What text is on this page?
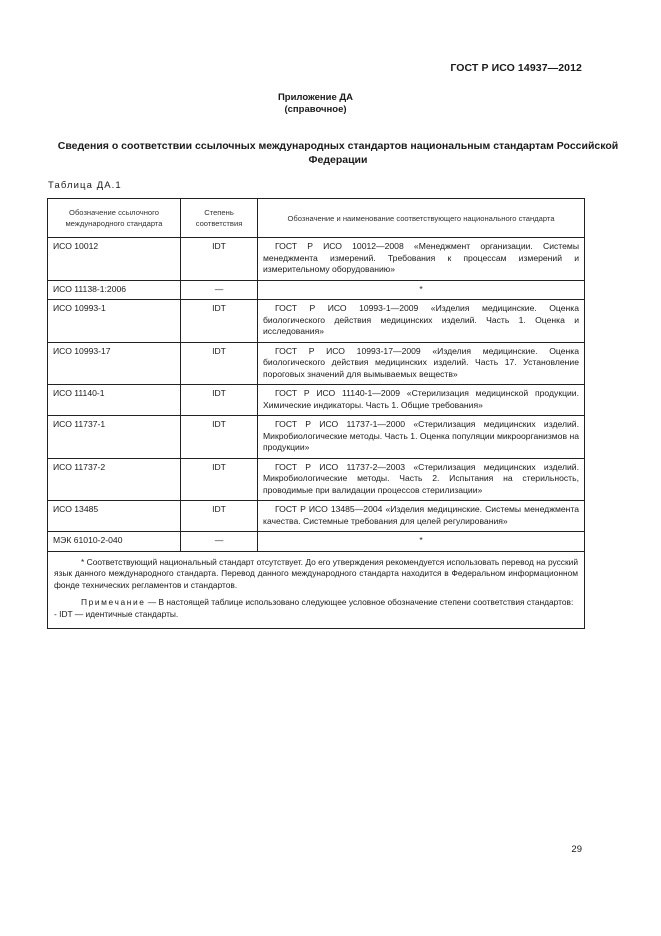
ГОСТ Р ИСО 14937—2012
Приложение ДА
(справочное)
Сведения о соответствии ссылочных международных стандартов национальным стандартам Российской Федерации
Таблица ДА.1
Обозначение ссылочного международного стандарта	Степень соответствия	Обозначение и наименование соответствующего национального стандарта
ИСО 10012	IDT	ГОСТ Р ИСО 10012—2008 «Менеджмент организации. Системы менеджмента измерений. Требования к процессам измерений и измерительному оборудованию»
ИСО 11138-1:2006	—	*
ИСО 10993-1	IDT	ГОСТ Р ИСО 10993-1—2009 «Изделия медицинские. Оценка биологического действия медицинских изделий. Часть 1. Оценка и исследования»
ИСО 10993-17	IDT	ГОСТ Р ИСО 10993-17—2009 «Изделия медицинские. Оценка биологического действия медицинских изделий. Часть 17. Установление пороговых значений для вымываемых веществ»
ИСО 11140-1	IDT	ГОСТ Р ИСО 11140-1—2009 «Стерилизация медицинской продукции. Химические индикаторы. Часть 1. Общие требования»
ИСО 11737-1	IDT	ГОСТ Р ИСО 11737-1—2000 «Стерилизация медицинских изделий. Микробиологические методы. Часть 1. Оценка популяции микроорганизмов на продукции»
ИСО 11737-2	IDT	ГОСТ Р ИСО 11737-2—2003 «Стерилизация медицинских изделий. Микробиологические методы. Часть 2. Испытания на стерильность, проводимые при валидации процессов стерилизации»
ИСО 13485	IDT	ГОСТ Р ИСО 13485—2004 «Изделия медицинские. Системы менеджмента качества. Системные требования для целей регулирования»
МЭК 61010-2-040	—	*

* Соответствующий национальный стандарт отсутствует. До его утверждения рекомендуется использовать перевод на русский язык данного международного стандарта. Перевод данного международного стандарта находится в Федеральном информационном фонде технических регламентов и стандартов.

Примечание — В настоящей таблице использовано следующее условное обозначение степени соответствия стандартов:

- IDT — идентичные стандарты.		

29
